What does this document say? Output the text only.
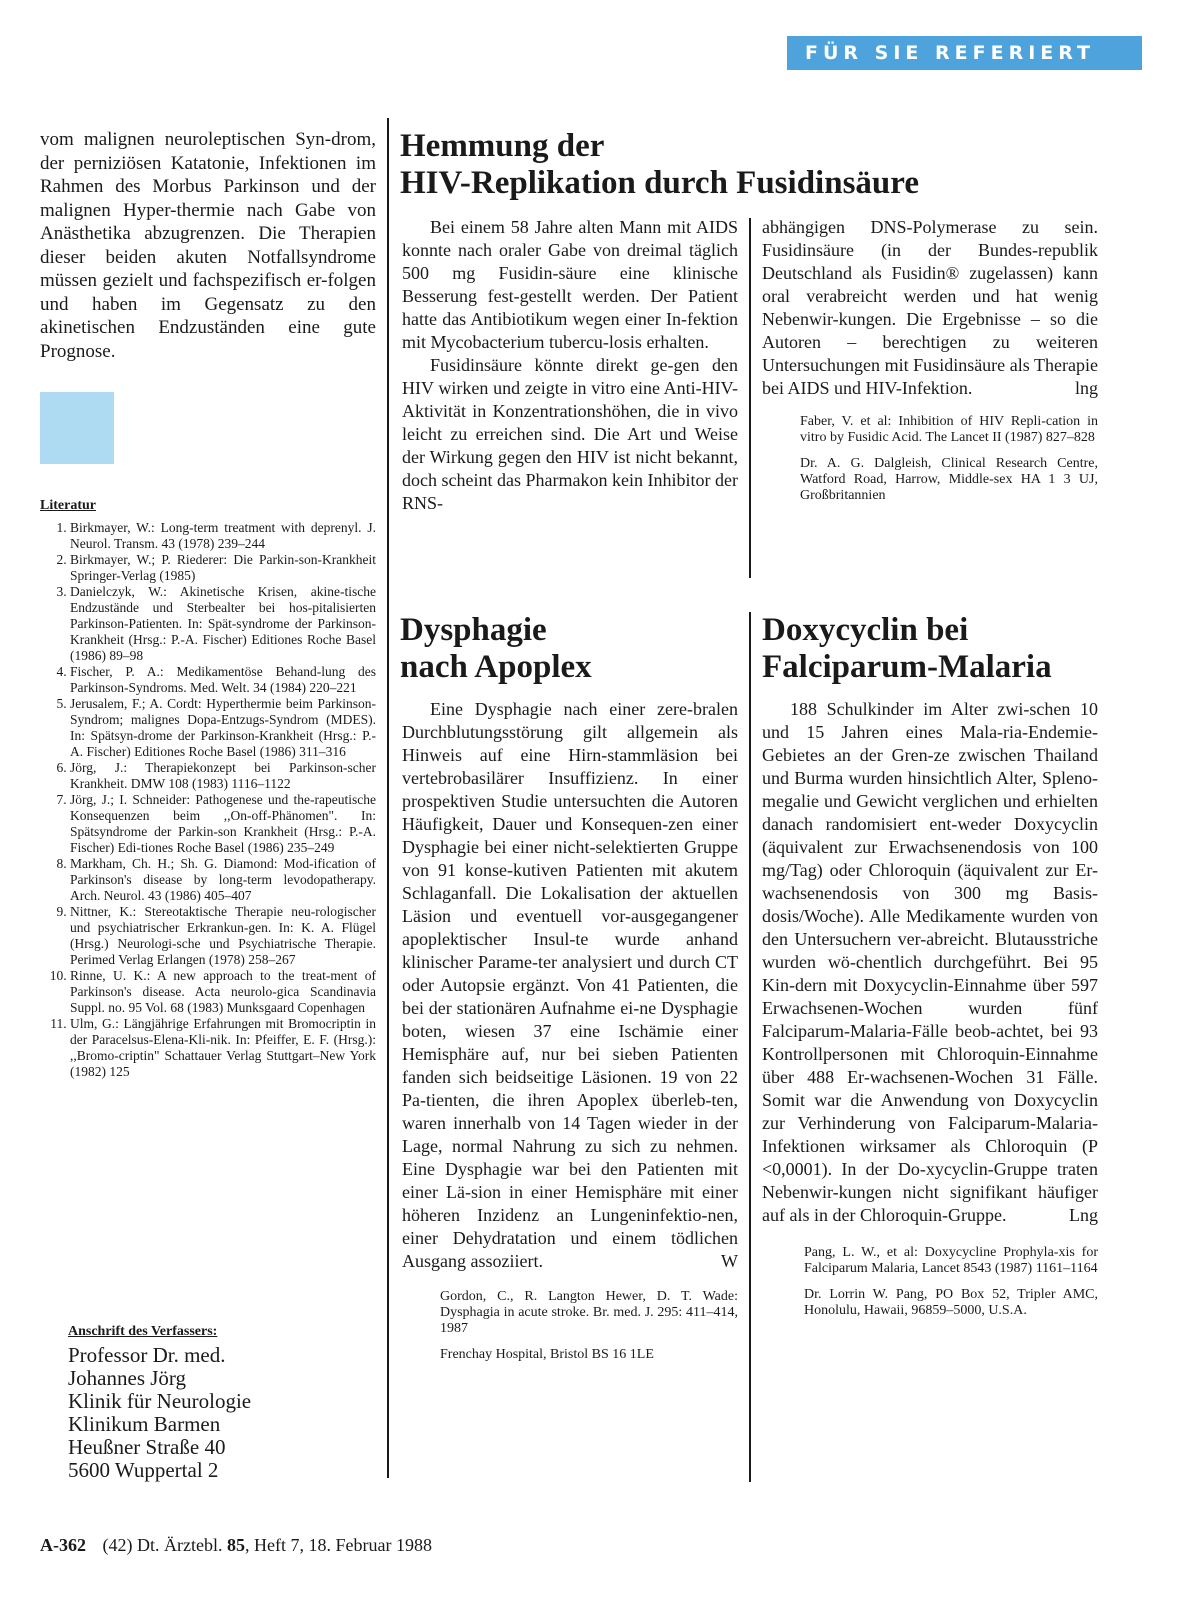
FÜR SIE REFERIERT

vom malignen neuroleptischen Syn-drom, der perniziösen Katatonie, Infektionen im Rahmen des Morbus Parkinson und der malignen Hyper-thermie nach Gabe von Anästhetika abzugrenzen. Die Therapien dieser beiden akuten Notfallsyndrome müssen gezielt und fachspezifisch er-folgen und haben im Gegensatz zu den akinetischen Endzuständen eine gute Prognose.

Literatur

1. Birkmayer, W.: Long-term treatment with deprenyl. J. Neurol. Transm. 43 (1978) 239–244
2. Birkmayer, W.; P. Riederer: Die Parkin-son-Krankheit Springer-Verlag (1985)
3. Danielczyk, W.: Akinetische Krisen, akine-tische Endzustände und Sterbealter bei hos-pitalisierten Parkinson-Patienten. In: Spät-syndrome der Parkinson-Krankheit (Hrsg.: P.-A. Fischer) Editiones Roche Basel (1986) 89–98
4. Fischer, P. A.: Medikamentöse Behand-lung des Parkinson-Syndroms. Med. Welt. 34 (1984) 220–221
5. Jerusalem, F.; A. Cordt: Hyperthermie beim Parkinson-Syndrom; malignes Dopa-Entzugs-Syndrom (MDES). In: Spätsyn-drome der Parkinson-Krankheit (Hrsg.: P.-A. Fischer) Editiones Roche Basel (1986) 311–316
6. Jörg, J.: Therapiekonzept bei Parkinson-scher Krankheit. DMW 108 (1983) 1116–1122
7. Jörg, J.; I. Schneider: Pathogenese und the-rapeutische Konsequenzen beim ,,On-off-Phänomen". In: Spätsyndrome der Parkin-son Krankheit (Hrsg.: P.-A. Fischer) Edi-tiones Roche Basel (1986) 235–249
8. Markham, Ch. H.; Sh. G. Diamond: Mod-ification of Parkinson's disease by long-term levodopatherapy. Arch. Neurol. 43 (1986) 405–407
9. Nittner, K.: Stereotaktische Therapie neu-rologischer und psychiatrischer Erkrankun-gen. In: K. A. Flügel (Hrsg.) Neurologi-sche und Psychiatrische Therapie. Perimed Verlag Erlangen (1978) 258–267
10. Rinne, U. K.: A new approach to the treat-ment of Parkinson's disease. Acta neurolo-gica Scandinavia Suppl. no. 95 Vol. 68 (1983) Munksgaard Copenhagen
11. Ulm, G.: Längjährige Erfahrungen mit Bromocriptin in der Paracelsus-Elena-Kli-nik. In: Pfeiffer, E. F. (Hrsg.): ,,Bromo-criptin" Schattauer Verlag Stuttgart–New York (1982) 125

Anschrift des Verfassers:

Professor Dr. med.

Johannes Jörg

Klinik für Neurologie

Klinikum Barmen

Heußner Straße 40

5600 Wuppertal 2

Hemmung der

HIV-Replikation durch Fusidinsäure

Bei einem 58 Jahre alten Mann mit AIDS konnte nach oraler Gabe von dreimal täglich 500 mg Fusidin-säure eine klinische Besserung fest-gestellt werden. Der Patient hatte das Antibiotikum wegen einer In-fektion mit Mycobacterium tubercu-losis erhalten.

Fusidinsäure könnte direkt ge-gen den HIV wirken und zeigte in vitro eine Anti-HIV-Aktivität in Konzentrationshöhen, die in vivo leicht zu erreichen sind. Die Art und Weise der Wirkung gegen den HIV ist nicht bekannt, doch scheint das Pharmakon kein Inhibitor der RNS-

abhängigen DNS-Polymerase zu sein. Fusidinsäure (in der Bundes-republik Deutschland als Fusidin® zugelassen) kann oral verabreicht werden und hat wenig Nebenwir-kungen. Die Ergebnisse – so die Autoren – berechtigen zu weiteren Untersuchungen mit Fusidinsäure als Therapie bei AIDS und HIV-Infektion.	lng

Faber, V. et al: Inhibition of HIV Repli-cation in vitro by Fusidic Acid. The Lancet II (1987) 827–828

Dr. A. G. Dalgleish, Clinical Research Centre, Watford Road, Harrow, Middle-sex HA 1 3 UJ, Großbritannien

Dysphagie

nach Apoplex

Eine Dysphagie nach einer zere-bralen Durchblutungsstörung gilt allgemein als Hinweis auf eine Hirn-stammläsion bei vertebrobasilärer Insuffizienz. In einer prospektiven Studie untersuchten die Autoren Häufigkeit, Dauer und Konsequen-zen einer Dysphagie bei einer nicht-selektierten Gruppe von 91 konse-kutiven Patienten mit akutem Schlaganfall. Die Lokalisation der aktuellen Läsion und eventuell vor-ausgegangener apoplektischer Insul-te wurde anhand klinischer Parame-ter analysiert und durch CT oder Autopsie ergänzt. Von 41 Patienten, die bei der stationären Aufnahme ei-ne Dysphagie boten, wiesen 37 eine Ischämie einer Hemisphäre auf, nur bei sieben Patienten fanden sich beidseitige Läsionen. 19 von 22 Pa-tienten, die ihren Apoplex überleb-ten, waren innerhalb von 14 Tagen wieder in der Lage, normal Nahrung zu sich zu nehmen. Eine Dysphagie war bei den Patienten mit einer Lä-sion in einer Hemisphäre mit einer höheren Inzidenz an Lungeninfektio-nen, einer Dehydratation und einem tödlichen Ausgang assoziiert.	W

Gordon, C., R. Langton Hewer, D. T. Wade: Dysphagia in acute stroke. Br. med. J. 295: 411–414, 1987

Frenchay Hospital, Bristol BS 16 1LE

Doxycyclin bei

Falciparum-Malaria

188 Schulkinder im Alter zwi-schen 10 und 15 Jahren eines Mala-ria-Endemie-Gebietes an der Gren-ze zwischen Thailand und Burma wurden hinsichtlich Alter, Spleno-megalie und Gewicht verglichen und erhielten danach randomisiert ent-weder Doxycyclin (äquivalent zur Erwachsenendosis von 100 mg/Tag) oder Chloroquin (äquivalent zur Er-wachsenendosis von 300 mg Basis-dosis/Woche). Alle Medikamente wurden von den Untersuchern ver-abreicht. Blutausstriche wurden wö-chentlich durchgeführt. Bei 95 Kin-dern mit Doxycyclin-Einnahme über 597 Erwachsenen-Wochen wurden fünf Falciparum-Malaria-Fälle beob-achtet, bei 93 Kontrollpersonen mit Chloroquin-Einnahme über 488 Er-wachsenen-Wochen 31 Fälle. Somit war die Anwendung von Doxycyclin zur Verhinderung von Falciparum-Malaria-Infektionen wirksamer als Chloroquin (P <0,0001). In der Do-xycyclin-Gruppe traten Nebenwir-kungen nicht signifikant häufiger auf als in der Chloroquin-Gruppe.	Lng

Pang, L. W., et al: Doxycycline Prophyla-xis for Falciparum Malaria, Lancet 8543 (1987) 1161–1164

Dr. Lorrin W. Pang, PO Box 52, Tripler AMC, Honolulu, Hawaii, 96859–5000, U.S.A.

A-362 (42) Dt. Ärztebl. 85, Heft 7, 18. Februar 1988
